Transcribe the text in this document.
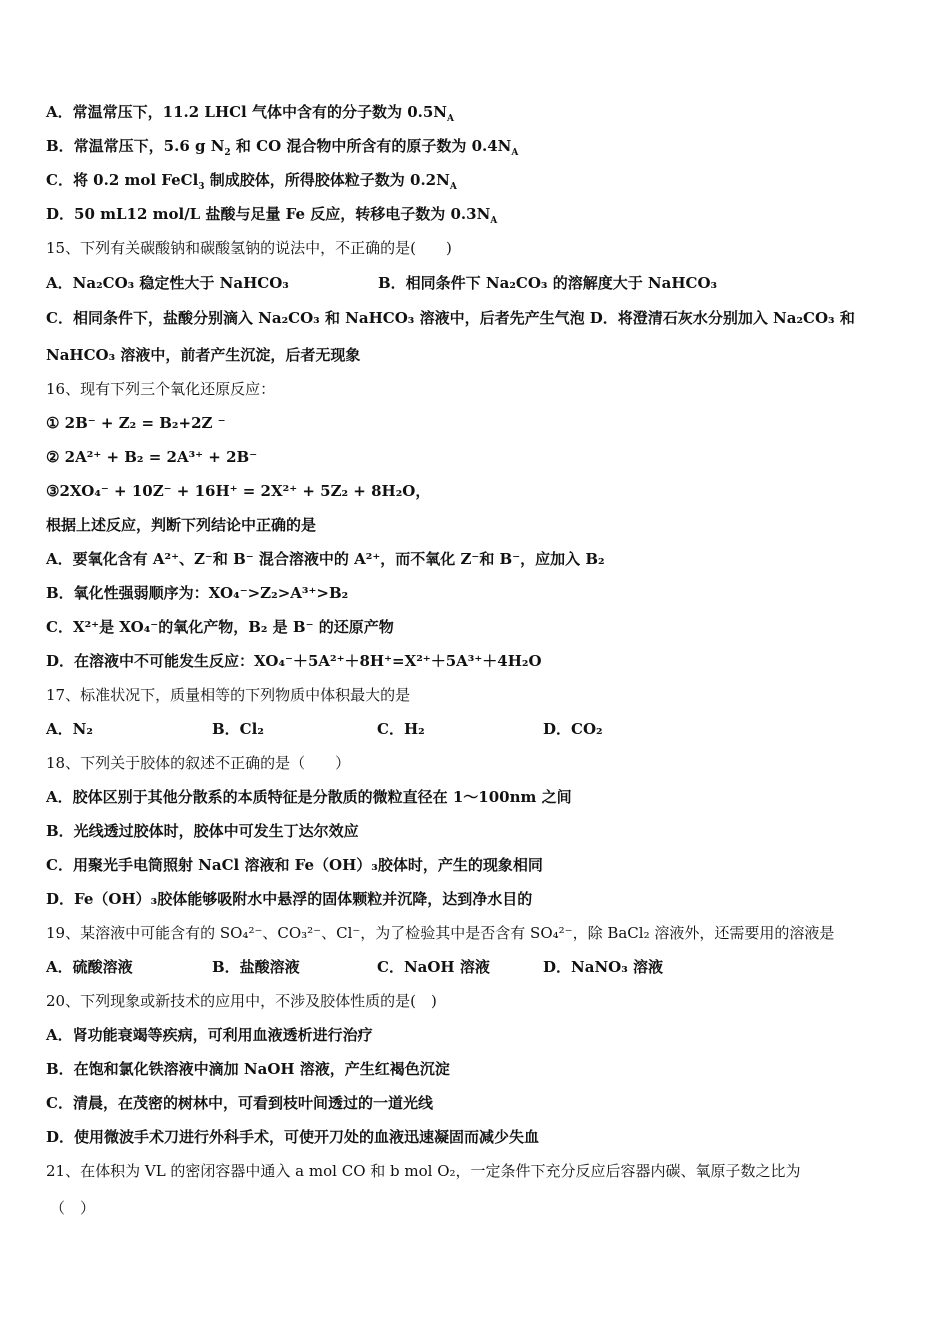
A．常温常压下，11.2 LHCl 气体中含有的分子数为 $0.5N_A$
B．常温常压下，5.6 g $N_2$ 和 CO 混合物中所含有的原子数为 $0.4N_A$
C．将 0.2 mol FeCl$_3$ 制成胶体，所得胶体粒子数为 $0.2N_A$
D．50 mL12 mol/L 盐酸与足量 Fe 反应，转移电子数为 $0.3N_A$
15、下列有关碳酸钠和碳酸氢钠的说法中，不正确的是(　　)
A．Na₂CO₃ 稳定性大于 NaHCO₃	B．相同条件下 Na₂CO₃ 的溶解度大于 NaHCO₃
C．相同条件下，盐酸分别滴入 Na₂CO₃ 和 NaHCO₃ 溶液中，后者先产生气泡 D．将澄清石灰水分别加入 Na₂CO₃ 和
NaHCO₃ 溶液中，前者产生沉淀，后者无现象
16、现有下列三个氧化还原反应：
① 2B⁻ + Z₂ = B₂+2Z ⁻
② 2A²⁺ + B₂ = 2A³⁺ + 2B⁻
③2XO₄⁻ + 10Z⁻ + 16H⁺ = 2X²⁺ + 5Z₂ + 8H₂O，
根据上述反应，判断下列结论中正确的是
A．要氧化含有 A²⁺、Z⁻和 B⁻ 混合溶液中的 A²⁺，而不氧化 Z⁻和 B⁻，应加入 B₂
B．氧化性强弱顺序为：XO₄⁻>Z₂>A³⁺>B₂
C．X²⁺是 XO₄⁻的氧化产物，B₂ 是 B⁻ 的还原产物
D．在溶液中不可能发生反应：XO₄⁻＋5A²⁺＋8H⁺=X²⁺＋5A³⁺＋4H₂O
17、标准状况下，质量相等的下列物质中体积最大的是
A．N₂	B．Cl₂	C．H₂	D．CO₂
18、下列关于胶体的叙述不正确的是（　　）
A．胶体区别于其他分散系的本质特征是分散质的微粒直径在 1～100nm 之间
B．光线透过胶体时，胶体中可发生丁达尔效应
C．用聚光手电筒照射 NaCl 溶液和 Fe（OH）₃胶体时，产生的现象相同
D．Fe（OH）₃胶体能够吸附水中悬浮的固体颗粒并沉降，达到净水目的
19、某溶液中可能含有的 SO₄²⁻、CO₃²⁻、Cl⁻，为了检验其中是否含有 SO₄²⁻，除 BaCl₂ 溶液外，还需要用的溶液是
A．硫酸溶液	B．盐酸溶液	C．NaOH 溶液	D．NaNO₃ 溶液
20、下列现象或新技术的应用中，不涉及胶体性质的是(　)
A．肾功能衰竭等疾病，可利用血液透析进行治疗
B．在饱和氯化铁溶液中滴加 NaOH 溶液，产生红褐色沉淀
C．清晨，在茂密的树林中，可看到枝叶间透过的一道光线
D．使用微波手术刀进行外科手术，可使开刀处的血液迅速凝固而减少失血
21、在体积为 VL 的密闭容器中通入 a mol CO 和 b mol O₂，一定条件下充分反应后容器内碳、氧原子数之比为
（　）
